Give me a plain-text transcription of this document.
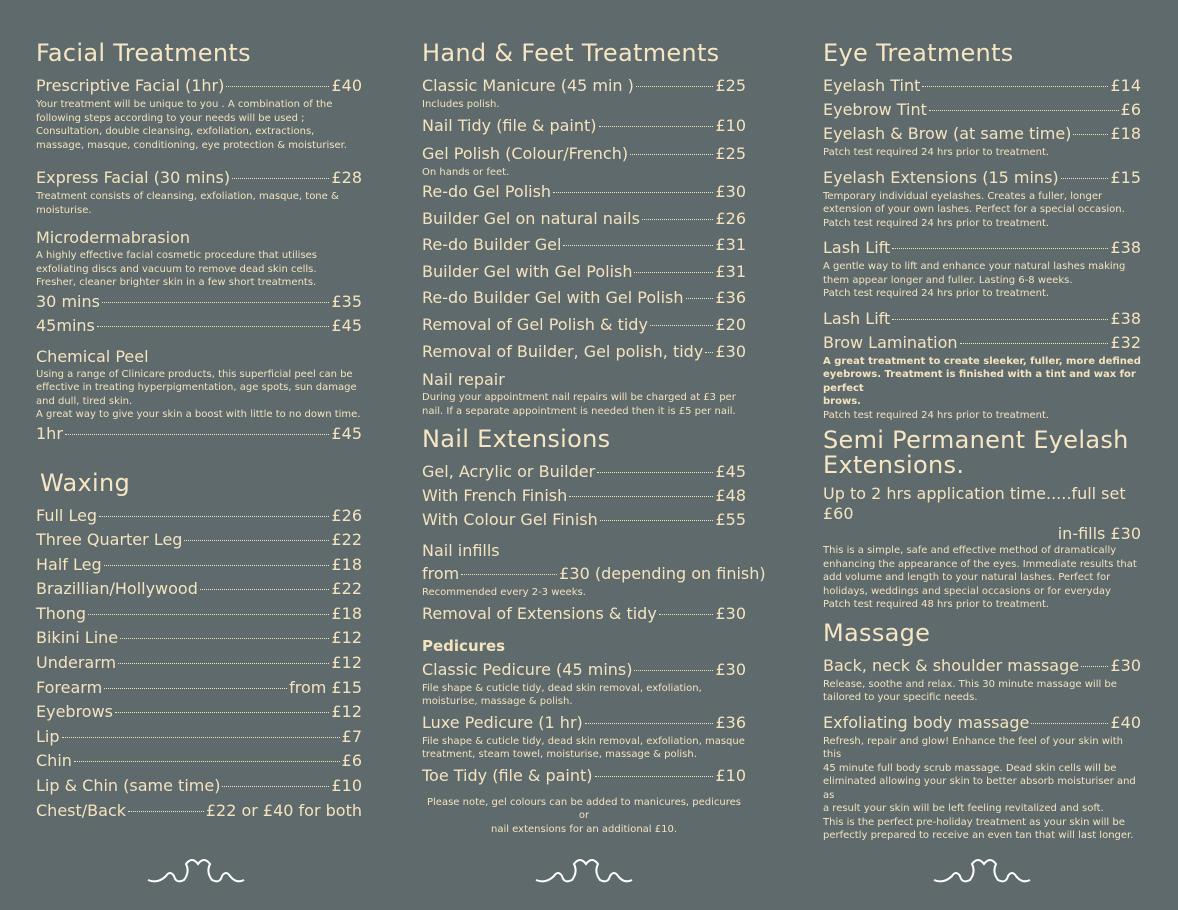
Facial Treatments
Prescriptive Facial (1hr)	£40

Your treatment will be unique to you . A combination of the
following steps according to your needs will be used ;
Consultation, double cleansing, exfoliation, extractions,
massage, masque, conditioning, eye protection & moisturiser.

Express Facial (30 mins)	£28

Treatment consists of cleansing, exfoliation, masque, tone &
moisturise.

Microdermabrasion

A highly effective facial cosmetic procedure that utilises
exfoliating discs and vacuum to remove dead skin cells.
Fresher, cleaner brighter skin in a few short treatments.

30 mins	£35
45mins	£45
Chemical Peel

Using a range of Clinicare products, this superficial peel can be
effective in treating hyperpigmentation, age spots, sun damage
and dull, tired skin.
A great way to give your skin a boost with little to no down time.

1hr	£45
Waxing
Full Leg	£26
Three Quarter Leg	£22
Half Leg	£18
Brazillian/Hollywood	£22
Thong	£18
Bikini Line	£12
Underarm	£12
Forearm	from £15
Eyebrows	£12
Lip	£7
Chin	£6
Lip & Chin (same time)	£10
Chest/Back	£22 or £40 for both
Hand & Feet Treatments
Classic Manicure (45 min )	£25

Includes polish.

Nail Tidy (file & paint)	£10
Gel Polish (Colour/French)	£25

On hands or feet.

Re-do Gel Polish	£30
Builder Gel on natural nails	£26
Re-do Builder Gel	£31
Builder Gel with Gel Polish	£31
Re-do Builder Gel with Gel Polish £36
Removal of Gel Polish & tidy	£20
Removal of Builder, Gel polish, tidy £30
Nail repair

During your appointment nail repairs will be charged at £3 per
nail. If a separate appointment is needed then it is £5 per nail.

Nail Extensions
Gel, Acrylic or Builder	£45
With French Finish	£48
With Colour Gel Finish	£55
Nail infills
from	£30 (depending on finish)

Recommended every 2-3 weeks.

Removal of Extensions & tidy	£30
Pedicures
Classic Pedicure (45 mins)	£30

File shape & cuticle tidy, dead skin removal, exfoliation,
moisturise, massage & polish.

Luxe Pedicure (1 hr)	£36

File shape & cuticle tidy, dead skin removal, exfoliation, masque
treatment, steam towel, moisturise, massage & polish.

Toe Tidy (file & paint)	£10

Please note, gel colours can be added to manicures, pedicures or
nail extensions for an additional £10.

Eye Treatments
Eyelash Tint	£14
Eyebrow Tint	£6
Eyelash & Brow (at same time) £18

Patch test required 24 hrs prior to treatment.

Eyelash Extensions (15 mins)	£15

Temporary individual eyelashes. Creates a fuller, longer
extension of your own lashes. Perfect for a special occasion.
Patch test required 24 hrs prior to treatment.

Lash Lift	£38

A gentle way to lift and enhance your natural lashes making
them appear longer and fuller. Lasting 6-8 weeks.
Patch test required 24 hrs prior to treatment.

Lash Lift	£38
Brow Lamination	£32

A great treatment to create sleeker, fuller, more defined
eyebrows. Treatment is finished with a tint and wax for perfect
brows.

Patch test required 24 hrs prior to treatment.

Semi Permanent Eyelash Extensions.
Up to 2 hrs application time.....full set £60
in-fills £30

This is a simple, safe and effective method of dramatically
enhancing the appearance of the eyes. Immediate results that
add volume and length to your natural lashes. Perfect for
holidays, weddings and special occasions or for everyday
Patch test required 48 hrs prior to treatment.

Massage
Back, neck & shoulder massage £30

Release, soothe and relax. This 30 minute massage will be
tailored to your specific needs.

Exfoliating body massage	£40

Refresh, repair and glow! Enhance the feel of your skin with this
45 minute full body scrub massage. Dead skin cells will be
eliminated allowing your skin to better absorb moisturiser and as
a result your skin will be left feeling revitalized and soft.
This is the perfect pre-holiday treatment as your skin will be
perfectly prepared to receive an even tan that will last longer.
